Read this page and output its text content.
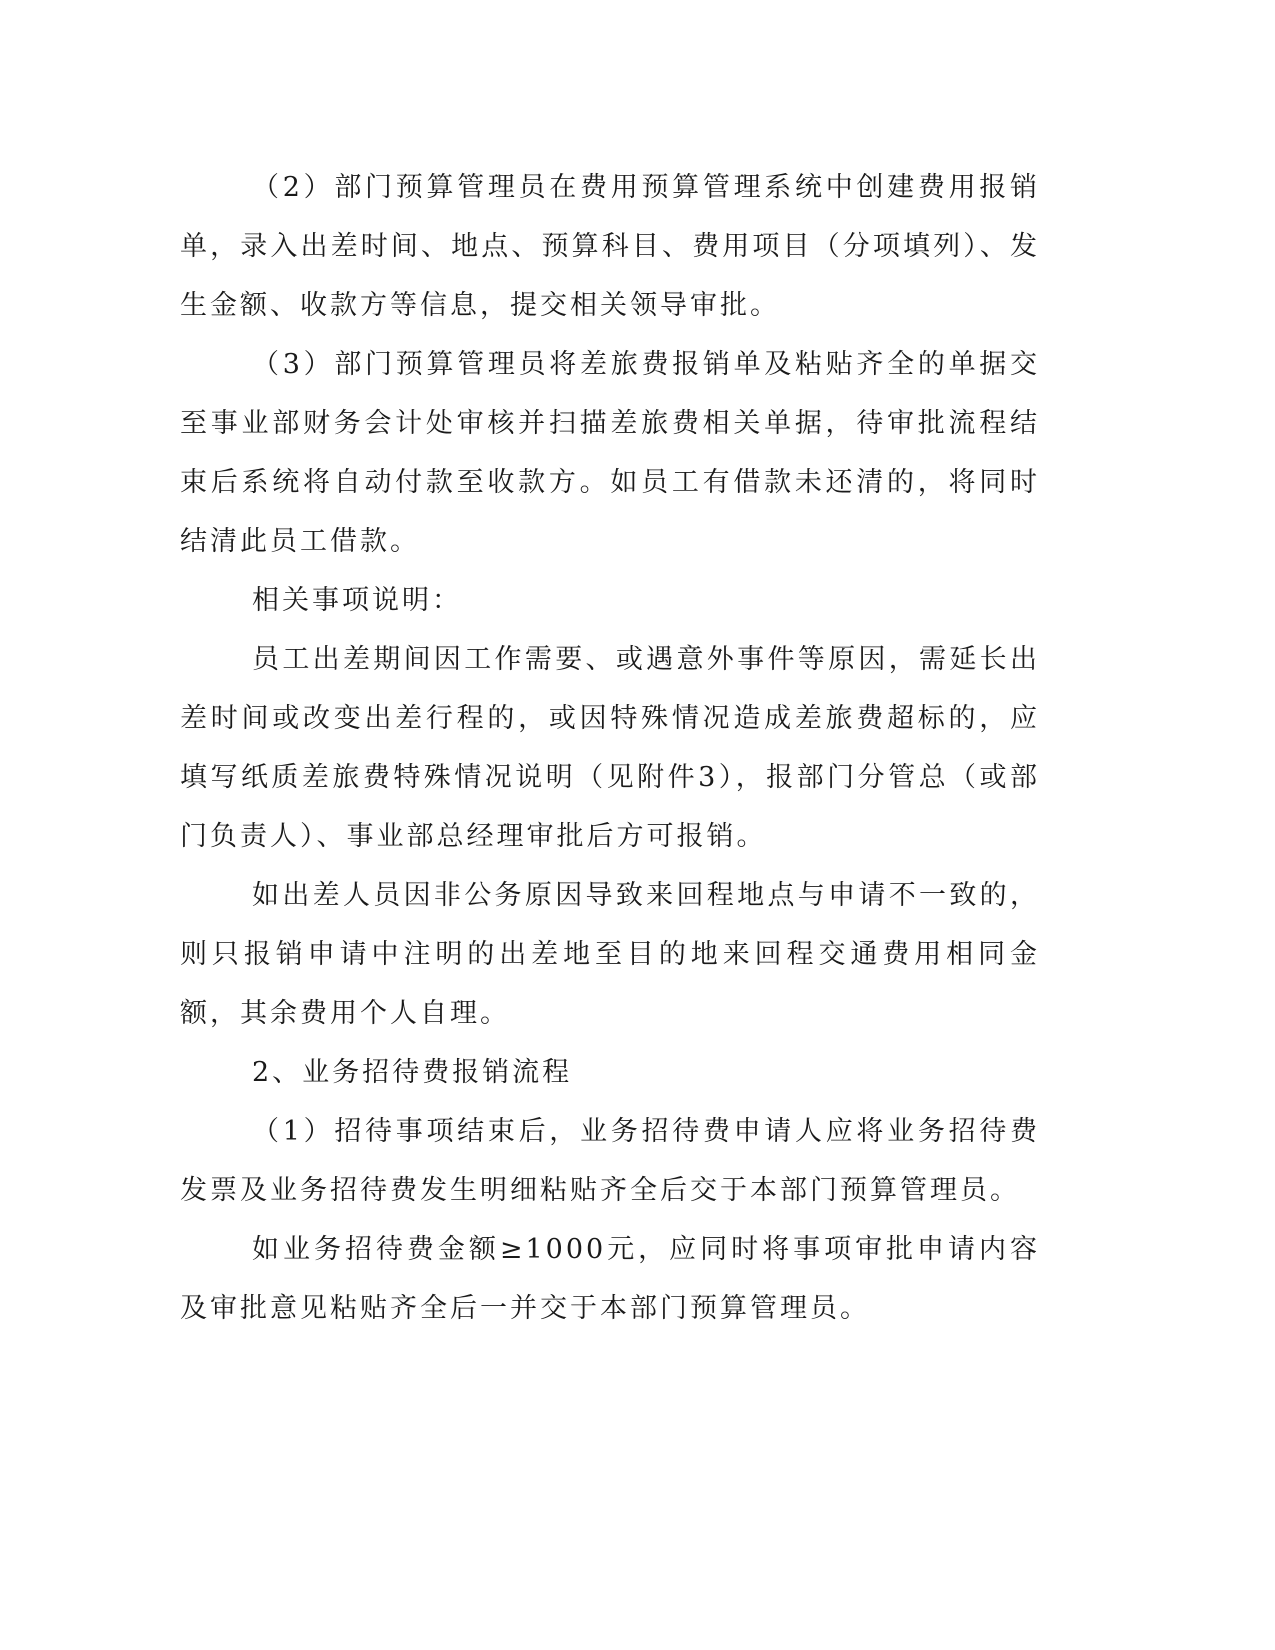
（2）部门预算管理员在费用预算管理系统中创建费用报销单，录入出差时间、地点、预算科目、费用项目（分项填列）、发生金额、收款方等信息，提交相关领导审批。

（3）部门预算管理员将差旅费报销单及粘贴齐全的单据交至事业部财务会计处审核并扫描差旅费相关单据，待审批流程结束后系统将自动付款至收款方。如员工有借款未还清的，将同时结清此员工借款。

相关事项说明：

员工出差期间因工作需要、或遇意外事件等原因，需延长出差时间或改变出差行程的，或因特殊情况造成差旅费超标的，应填写纸质差旅费特殊情况说明（见附件3），报部门分管总（或部门负责人）、事业部总经理审批后方可报销。

如出差人员因非公务原因导致来回程地点与申请不一致的，则只报销申请中注明的出差地至目的地来回程交通费用相同金额，其余费用个人自理。

2、业务招待费报销流程

（1）招待事项结束后，业务招待费申请人应将业务招待费发票及业务招待费发生明细粘贴齐全后交于本部门预算管理员。

如业务招待费金额≥1000元，应同时将事项审批申请内容及审批意见粘贴齐全后一并交于本部门预算管理员。
